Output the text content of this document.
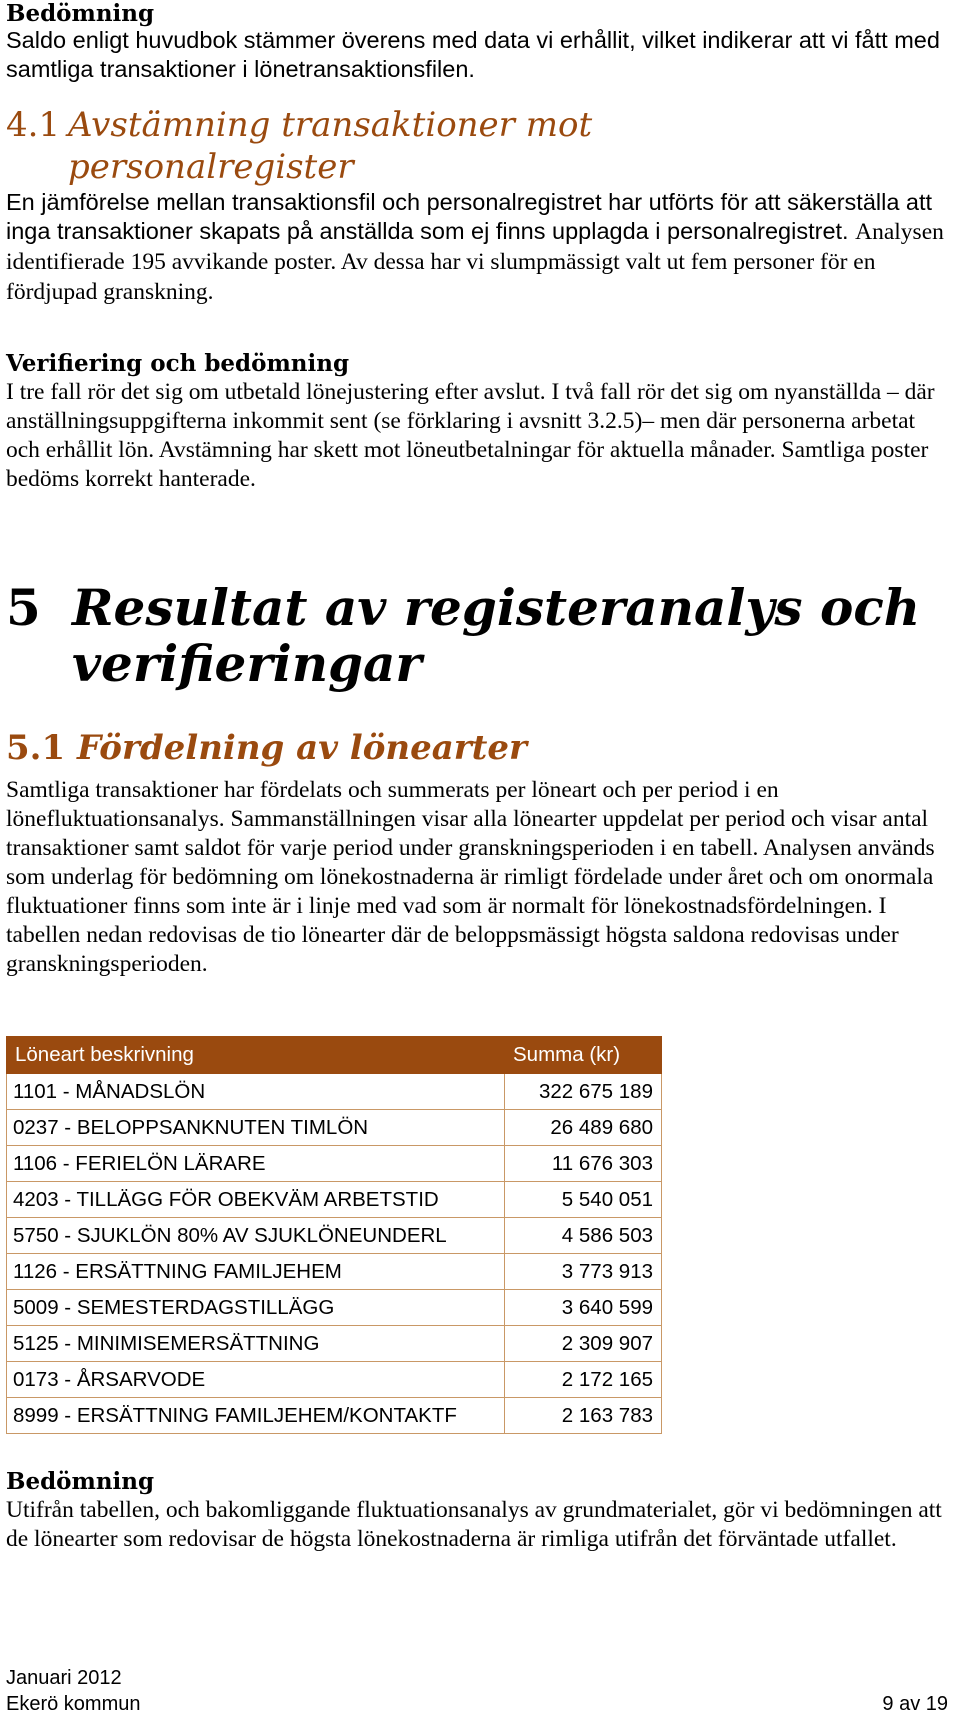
Bedömning

Saldo enligt huvudbok stämmer överens med data vi erhållit, vilket indikerar att vi fått med samtliga transaktioner i lönetransaktionsfilen.

4.1 Avstämning transaktioner mot
personalregister

En jämförelse mellan transaktionsfil och personalregistret har utförts för att säkerställa att inga transaktioner skapats på anställda som ej finns upplagda i personalregistret. Analysen identifierade 195 avvikande poster. Av dessa har vi slumpmässigt valt ut fem personer för en fördjupad granskning.

Verifiering och bedömning

I tre fall rör det sig om utbetald lönejustering efter avslut. I två fall rör det sig om nyanställda – där anställningsuppgifterna inkommit sent (se förklaring i avsnitt 3.2.5)– men där personerna arbetat och erhållit lön. Avstämning har skett mot löneutbetalningar för aktuella månader. Samtliga poster bedöms korrekt hanterade.

5 Resultat av registeranalys och
verifieringar
5.1 Fördelning av lönearter

Samtliga transaktioner har fördelats och summerats per löneart och per period i en lönefluktuationsanalys. Sammanställningen visar alla lönearter uppdelat per period och visar antal transaktioner samt saldot för varje period under granskningsperioden i en tabell. Analysen används som underlag för bedömning om lönekostnaderna är rimligt fördelade under året och om onormala fluktuationer finns som inte är i linje med vad som är normalt för lönekostnadsfördelningen. I tabellen nedan redovisas de tio lönearter där de beloppsmässigt högsta saldona redovisas under granskningsperioden.

Löneart beskrivning	Summa (kr)
1101 - MÅNADSLÖN	322 675 189
0237 - BELOPPSANKNUTEN TIMLÖN	26 489 680
1106 - FERIELÖN LÄRARE	11 676 303
4203 - TILLÄGG FÖR OBEKVÄM ARBETSTID	5 540 051
5750 - SJUKLÖN 80% AV SJUKLÖNEUNDERL	4 586 503
1126 - ERSÄTTNING FAMILJEHEM	3 773 913
5009 - SEMESTERDAGSTILLÄGG	3 640 599
5125 - MINIMISEMERSÄTTNING	2 309 907
0173 - ÅRSARVODE	2 172 165
8999 - ERSÄTTNING FAMILJEHEM/KONTAKTF	2 163 783
Bedömning

Utifrån tabellen, och bakomliggande fluktuationsanalys av grundmaterialet, gör vi bedömningen att de lönearter som redovisar de högsta lönekostnaderna är rimliga utifrån det förväntade utfallet.

Januari 2012
Ekerö kommun	9 av 19
